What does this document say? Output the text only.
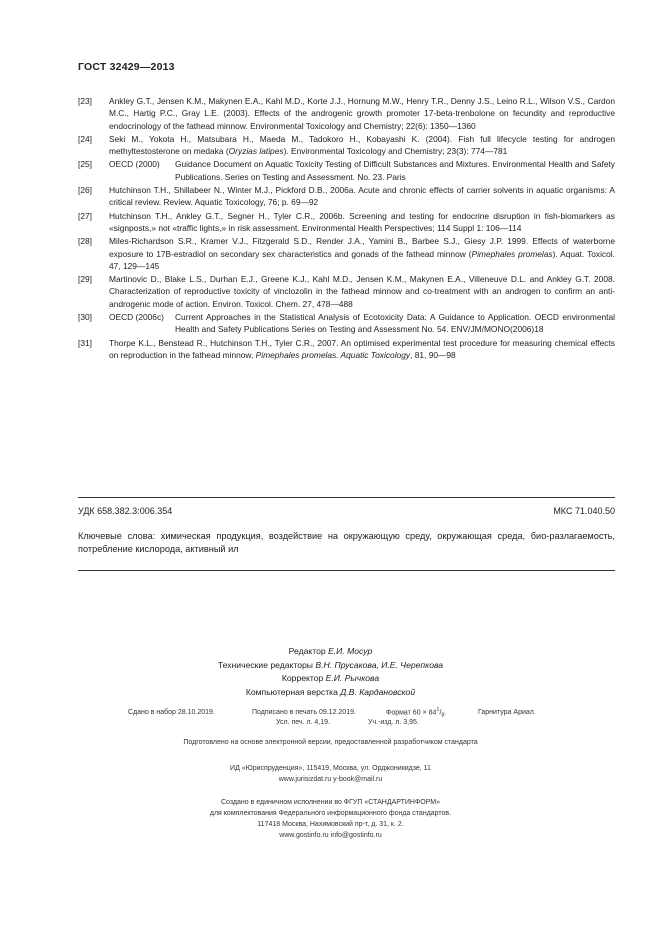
ГОСТ 32429—2013
[23]	Ankley G.T., Jensen K.M., Makynen E.A., Kahl M.D., Korte J.J., Hornung M.W., Henry T.R., Denny J.S., Leino R.L., Wilson V.S., Cardon M.C., Hartig P.C., Gray L.E. (2003). Effects of the androgenic growth promoter 17-beta-trenbolone on fecundity and reproductive endocrinology of the fathead minnow. Environmental Toxicology and Chemistry; 22(6): 1350—1360
[24]	Seki M., Yokota H., Matsubara H., Maeda M., Tadokoro H., Kobayashi K. (2004). Fish full lifecycle testing for androgen methyltestosterone on medaka (Oryzias latipes). Environmental Toxicology and Chemistry; 23(3): 774—781
[25]	OECD (2000)	Guidance Document on Aquatic Toxicity Testing of Difficult Substances and Mixtures. Environmental Health and Safety Publications. Series on Testing and Assessment. No. 23. Paris
[26]	Hutchinson T.H., Shillabeer N., Winter M.J., Pickford D.B., 2006a. Acute and chronic effects of carrier solvents in aquatic organisms: A critical review. Review. Aquatic Toxicology, 76; p. 69—92
[27]	Hutchinson T.H., Ankley G.T., Segner H., Tyler C.R., 2006b. Screening and testing for endocrine disruption in fish-biomarkers as «signposts,» not «traffic lights,» in risk assessment. Environmental Health Perspectives; 114 Suppl 1: 106—114
[28]	Miles-Richardson S.R., Kramer V.J., Fitzgerald S.D., Render J.A., Yamini B., Barbee S.J., Giesy J.P. 1999. Effects of waterborne exposure to 17B-estradiol on secondary sex characteristics and gonads of the fathead minnow (Pimephales promelas). Aquat. Toxicol. 47, 129—145
[29]	Martinovic D., Blake L.S., Durhan E.J., Greene K.J., Kahl M.D., Jensen K.M., Makynen E.A., Villeneuve D.L. and Ankley G.T. 2008. Characterization of reproductive toxicity of vinclozolin in the fathead minnow and co-treatment with an androgen to confirm an anti-androgenic mode of action. Environ. Toxicol. Chem. 27, 478—488
[30]	OECD (2006c)	Current Approaches in the Statistical Analysis of Ecotoxicity Data: A Guidance to Application. OECD environmental Health and Safety Publications Series on Testing and Assessment No. 54. ENV/JM/MONO(2006)18
[31]	Thorpe K.L., Benstead R., Hutchinson T.H., Tyler C.R., 2007. An optimised experimental test procedure for measuring chemical effects on reproduction in the fathead minnow, Pimephales promelas. Aquatic Toxicology, 81, 90—98
УДК 658.382.3:006.354	МКС 71.040.50
Ключевые слова: химическая продукция, воздействие на окружающую среду, окружающая среда, био-разлагаемость, потребление кислорода, активный ил
Редактор Е.И. Мосур
Технические редакторы В.Н. Прусакова, И.Е. Черепкова
Корректор Е.И. Рычкова
Компьютерная верстка Д.В. Кардановской
Сдано в набор 28.10.2019.	Подписано в печать 09.12.2019.	Формат $60 \times 84^1/_8$.	Гарнитура Ариал.
Усл. печ. л. 4,19.	Уч.-изд. л. 3,95.
Подготовлено на основе электронной версии, предоставленной разработчиком стандарта
ИД «Юриспруденция», 115419, Москва, ул. Орджоникидзе, 11
www.jurisizdat.ru y-book@mail.ru
Создано в единичном исполнении во ФГУП «СТАНДАРТИНФОРМ»
для комплектования Федерального информационного фонда стандартов.
117418 Москва, Нахимовский пр-т, д. 31, к. 2.
www.gostinfo.ru info@gostinfo.ru
